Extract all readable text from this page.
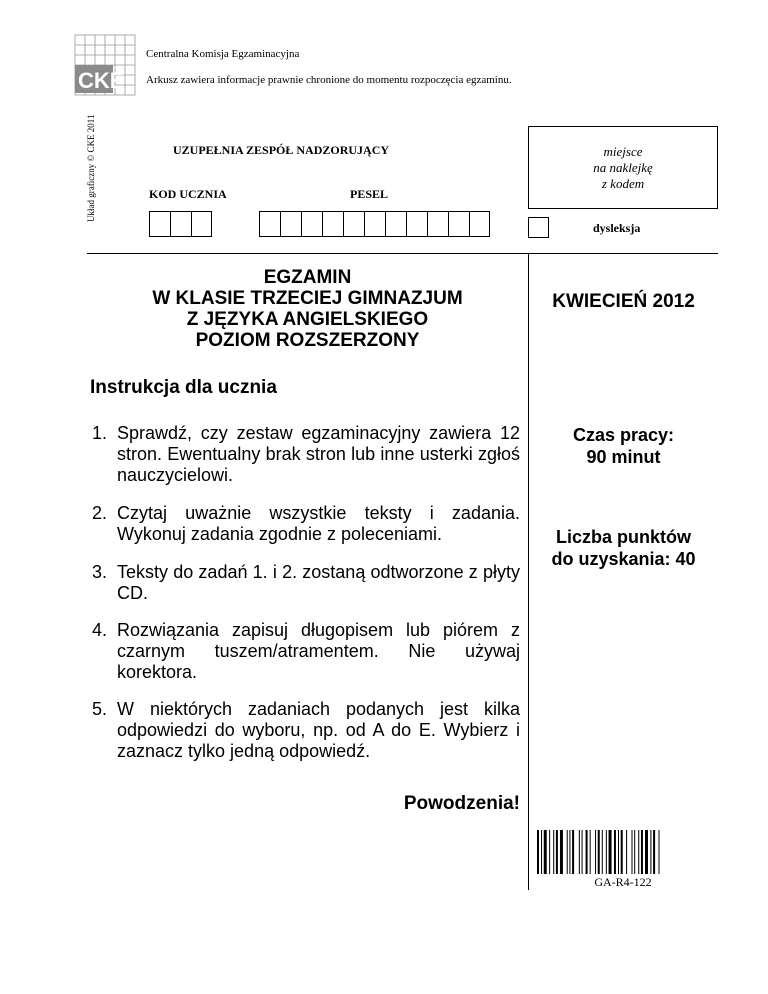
CKE
Układ graficzny © CKE 2011
Centralna Komisja Egzaminacyjna
Arkusz zawiera informacje prawnie chronione do momentu rozpoczęcia egzaminu.
UZUPEŁNIA ZESPÓŁ NADZORUJĄCY
KOD UCZNIA	PESEL
miejsce
na naklejkę
z kodem
dysleksja
EGZAMIN
W KLASIE TRZECIEJ GIMNAZJUM
Z JĘZYKA ANGIELSKIEGO
POZIOM ROZSZERZONY
KWIECIEŃ 2012
Instrukcja dla ucznia
1. Sprawdź, czy zestaw egzaminacyjny zawiera 12 stron. Ewentualny brak stron lub inne usterki zgłoś nauczycielowi.
2. Czytaj uważnie wszystkie teksty i zadania. Wykonuj zadania zgodnie z poleceniami.
3. Teksty do zadań 1. i 2. zostaną odtworzone z płyty CD.
4. Rozwiązania zapisuj długopisem lub piórem z czarnym tuszem/atramentem. Nie używaj korektora.
5. W niektórych zadaniach podanych jest kilka odpowiedzi do wyboru, np. od A do E. Wybierz i zaznacz tylko jedną odpowiedź.
Czas pracy:
90 minut
Liczba punktów
do uzyskania: 40
Powodzenia!
GA-R4-122
